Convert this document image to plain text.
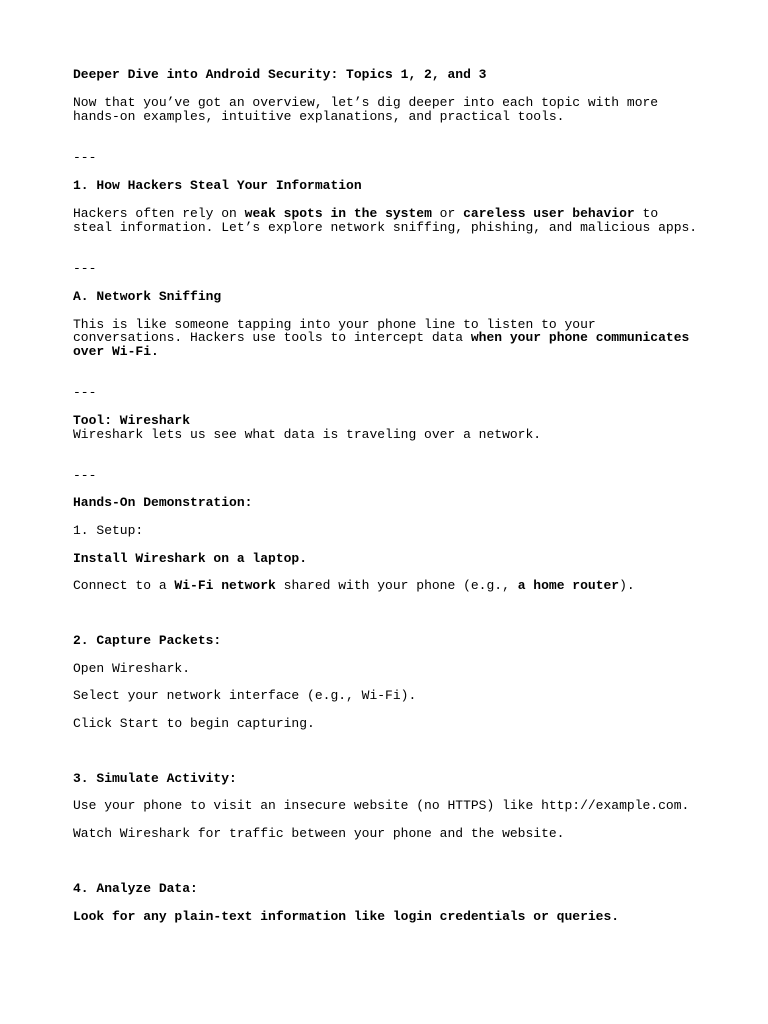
Deeper Dive into Android Security: Topics 1, 2, and 3

Now that you’ve got an overview, let’s dig deeper into each topic with more

hands-on examples, intuitive explanations, and practical tools.

---

1. How Hackers Steal Your Information

Hackers often rely on weak spots in the system or careless user behavior to

steal information. Let’s explore network sniffing, phishing, and malicious apps.

---

A. Network Sniffing

This is like someone tapping into your phone line to listen to your

conversations. Hackers use tools to intercept data when your phone communicates

over Wi-Fi.

---

Tool: Wireshark

Wireshark lets us see what data is traveling over a network.

---

Hands-On Demonstration:

1. Setup:

Install Wireshark on a laptop.

Connect to a Wi-Fi network shared with your phone (e.g., a home router).

2. Capture Packets:

Open Wireshark.

Select your network interface (e.g., Wi-Fi).

Click Start to begin capturing.

3. Simulate Activity:

Use your phone to visit an insecure website (no HTTPS) like http://example.com.

Watch Wireshark for traffic between your phone and the website.

4. Analyze Data:

Look for any plain-text information like login credentials or queries.
